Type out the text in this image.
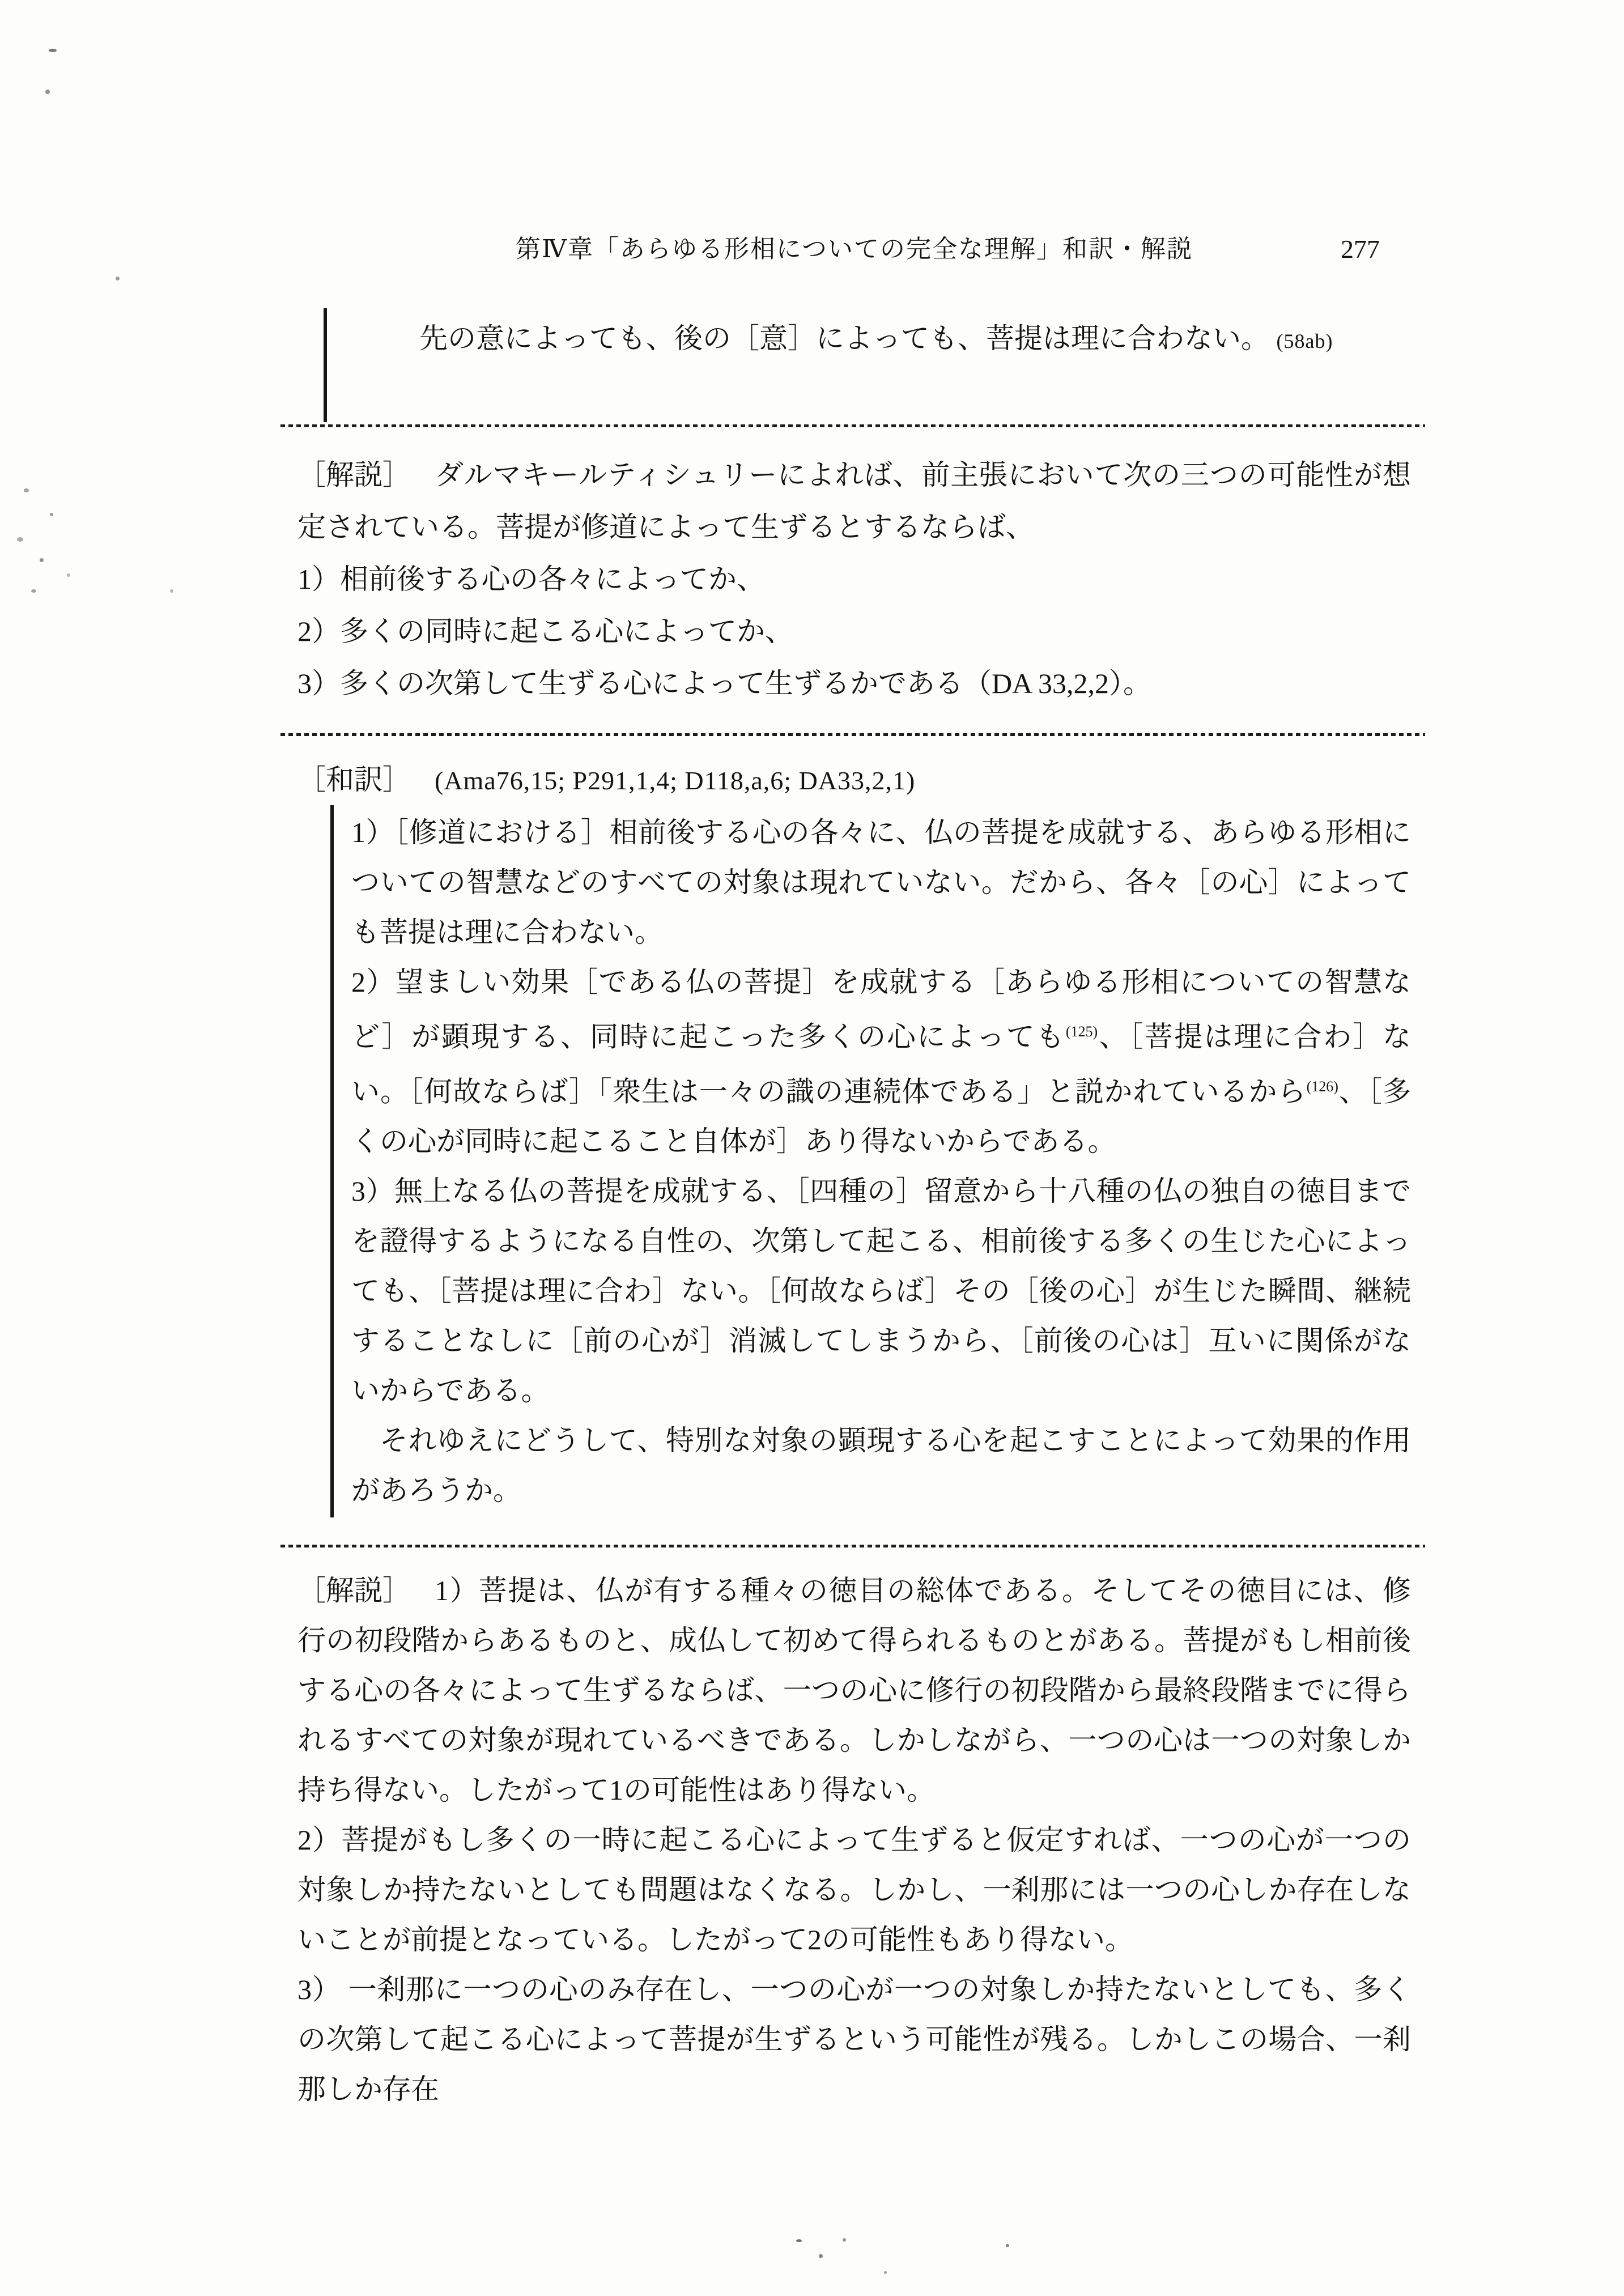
第Ⅳ章「あらゆる形相についての完全な理解」和訳・解説	277
先の意によっても、後の［意］によっても、菩提は理に合わない。 (58ab)

［解説］ ダルマキールティシュリーによれば、前主張において次の三つの可能性が想定されている。菩提が修道によって生ずるとするならば、

1）相前後する心の各々によってか、
2）多くの同時に起こる心によってか、
3）多くの次第して生ずる心によって生ずるかである（DA 33,2,2）。
［和訳］ (Ama76,15; P291,1,4; D118,a,6; DA33,2,1)

1）［修道における］相前後する心の各々に、仏の菩提を成就する、あらゆる形相についての智慧などのすべての対象は現れていない。だから、各々［の心］によっても菩提は理に合わない。

2）望ましい効果［である仏の菩提］を成就する［あらゆる形相についての智慧など］が顕現する、同時に起こった多くの心によっても$^{(125)}$、［菩提は理に合わ］ない。［何故ならば］「衆生は一々の識の連続体である」と説かれているから$^{(126)}$、［多くの心が同時に起こること自体が］あり得ないからである。

3）無上なる仏の菩提を成就する、［四種の］留意から十八種の仏の独自の徳目までを證得するようになる自性の、次第して起こる、相前後する多くの生じた心によっても、［菩提は理に合わ］ない。［何故ならば］その［後の心］が生じた瞬間、継続することなしに［前の心が］消滅してしまうから、［前後の心は］互いに関係がないからである。

それゆえにどうして、特別な対象の顕現する心を起こすことによって効果的作用があろうか。

［解説］ 1）菩提は、仏が有する種々の徳目の総体である。そしてその徳目には、修行の初段階からあるものと、成仏して初めて得られるものとがある。菩提がもし相前後する心の各々によって生ずるならば、一つの心に修行の初段階から最終段階までに得られるすべての対象が現れているべきである。しかしながら、一つの心は一つの対象しか持ち得ない。したがって1の可能性はあり得ない。

2）菩提がもし多くの一時に起こる心によって生ずると仮定すれば、一つの心が一つの対象しか持たないとしても問題はなくなる。しかし、一刹那には一つの心しか存在しないことが前提となっている。したがって2の可能性もあり得ない。

3） 一刹那に一つの心のみ存在し、一つの心が一つの対象しか持たないとしても、多くの次第して起こる心によって菩提が生ずるという可能性が残る。しかしこの場合、一刹那しか存在
